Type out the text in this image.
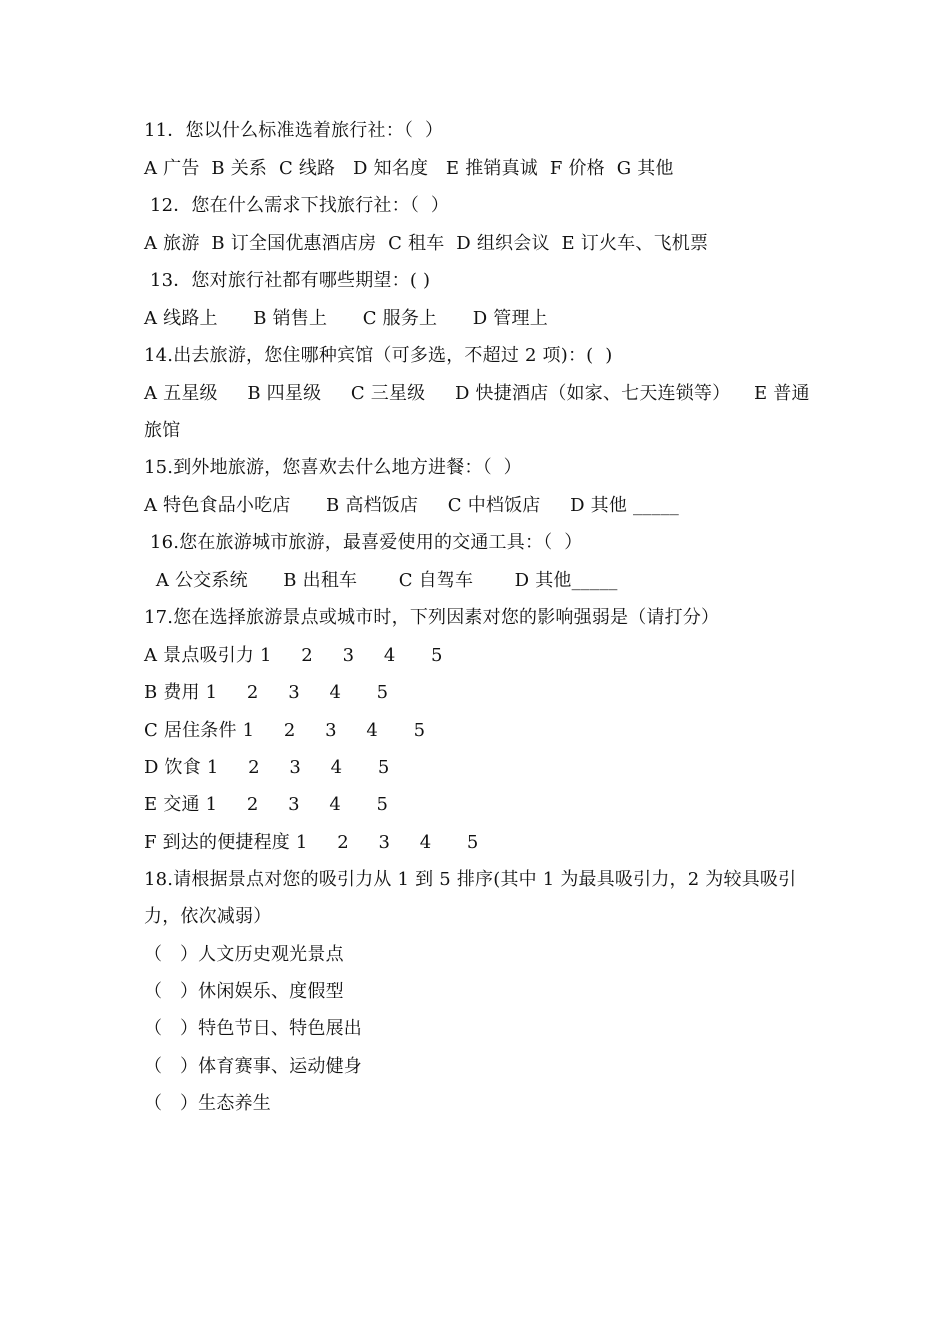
11．您以什么标准选着旅行社：（  ）
A 广告  B 关系  C 线路   D 知名度   E 推销真诚  F 价格  G 其他
12．您在什么需求下找旅行社：（  ）
A 旅游  B 订全国优惠酒店房  C 租车  D 组织会议  E 订火车、飞机票
13．您对旅行社都有哪些期望：( )
A 线路上      B 销售上      C 服务上      D 管理上
14.出去旅游，您住哪种宾馆（可多选，不超过 2 项)：(  )
A 五星级     B 四星级     C 三星级     D 快捷酒店（如家、七天连锁等）    E 普通
旅馆
15.到外地旅游，您喜欢去什么地方进餐：（  ）
A 特色食品小吃店      B 高档饭店     C 中档饭店     D 其他 _____
16.您在旅游城市旅游，最喜爱使用的交通工具：（  ）
A 公交系统      B 出租车       C 自驾车       D 其他_____
17.您在选择旅游景点或城市时，下列因素对您的影响强弱是（请打分）
A 景点吸引力 1     2     3     4      5
B 费用 1     2     3     4      5
C 居住条件 1     2     3     4      5
D 饮食 1     2     3     4      5
E 交通 1     2     3     4      5
F 到达的便捷程度 1     2     3     4      5
18.请根据景点对您的吸引力从 1 到 5 排序(其中 1 为最具吸引力，2 为较具吸引
力，依次减弱）
（   ）人文历史观光景点
（   ）休闲娱乐、度假型
（   ）特色节日、特色展出
（   ）体育赛事、运动健身
（   ）生态养生
